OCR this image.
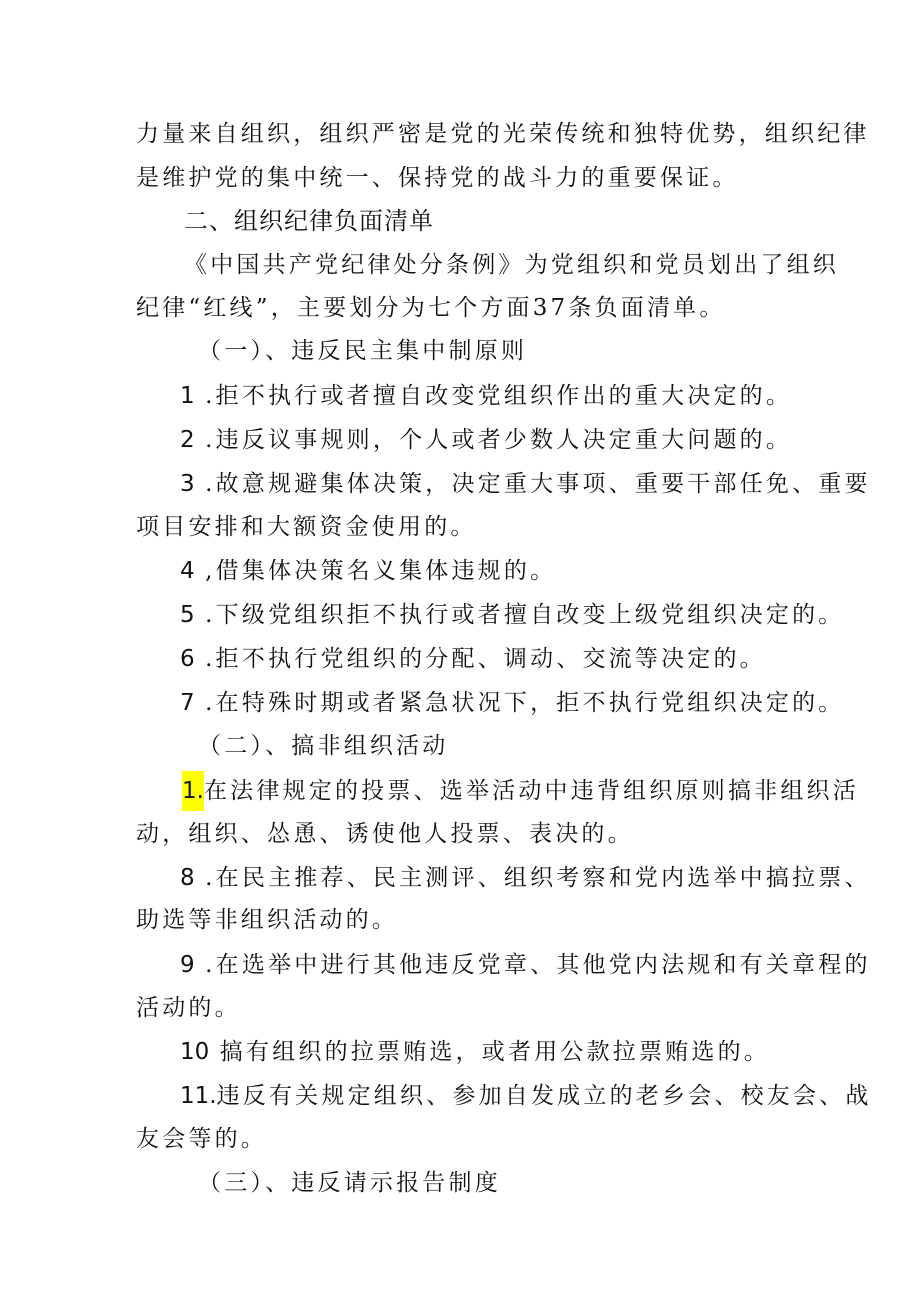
力量来自组织，组织严密是党的光荣传统和独特优势，组织纪律
是维护党的集中统一、保持党的战斗力的重要保证。
二、组织纪律负面清单
《中国共产党纪律处分条例》为党组织和党员划出了组织
纪律“红线”，主要划分为七个方面37条负面清单。
（一）、违反民主集中制原则
1 .拒不执行或者擅自改变党组织作出的重大决定的。
2 .违反议事规则，个人或者少数人决定重大问题的。
3 .故意规避集体决策，决定重大事项、重要干部任免、重要
项目安排和大额资金使用的。
4 ,借集体决策名义集体违规的。
5 .下级党组织拒不执行或者擅自改变上级党组织决定的。
6 .拒不执行党组织的分配、调动、交流等决定的。
7 .在特殊时期或者紧急状况下，拒不执行党组织决定的。
（二）、搞非组织活动
1.在法律规定的投票、选举活动中违背组织原则搞非组织活
动，组织、怂恿、诱使他人投票、表决的。
8 .在民主推荐、民主测评、组织考察和党内选举中搞拉票、
助选等非组织活动的。
9 .在选举中进行其他违反党章、其他党内法规和有关章程的
活动的。
10 搞有组织的拉票贿选，或者用公款拉票贿选的。
11.违反有关规定组织、参加自发成立的老乡会、校友会、战
友会等的。
（三）、违反请示报告制度
